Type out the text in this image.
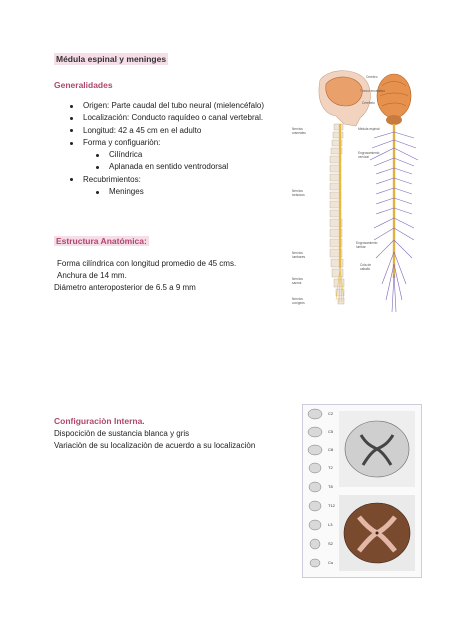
Médula espinal y meninges
Generalidades
Origen: Parte caudal del tubo neural (mielencéfalo)
Localización: Conducto raquídeo o canal vertebral.
Longitud: 42 a 45 cm en el adulto
Forma y configuariòn:
Cilíndrica
Aplanada en sentido ventrodorsal
Recubrimientos:
Meninges
Estructura Anatómica:
Forma cilíndrica con longitud promedio de 45 cms.
Anchura de 14 mm.
Diámetro anteroposterior de 6.5 a 9 mm
Configuraciòn Interna.
Dispociciòn de sustancia blanca y gris
Variaciòn de su localizaciòn de acuerdo a su localizaciòn
Nervios
craneales
Nervios
torácicos
Nervios
lumbares
Nervios
sacros
Nervios
coxígeos
Cerebro
Tronco encefálico
Cerebelo
Médula espinal
Engrosamiento
cervical
Engrosamiento
lumbar
Cola de
caballo
C2
C5
C8
T2
T8
T12
L3
S2
Co
